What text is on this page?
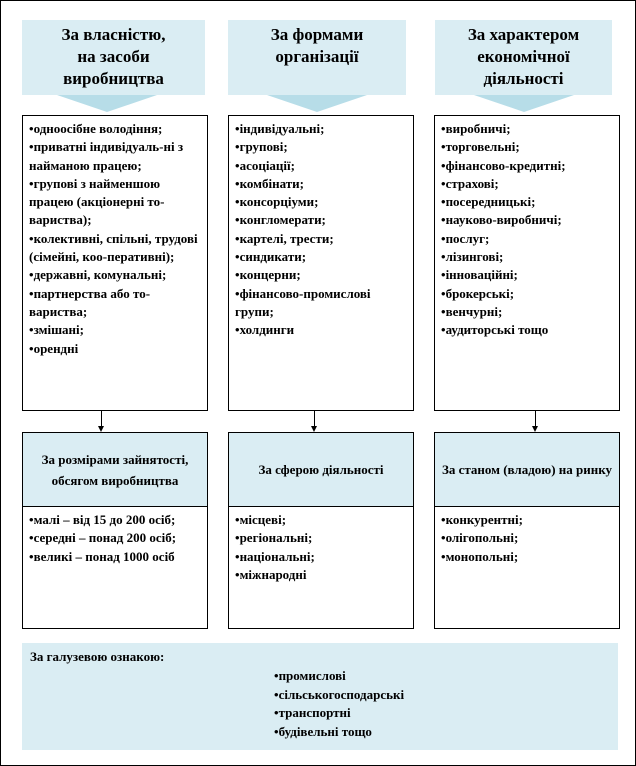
За власністю,
на засоби
виробництва
За формами
організації
За характером
економічної
діяльності
• одноосібне володіння;
• приватні індивідуаль-ні з найманою працею;
• групові з найменшою працею (акціонерні то-вариства);
• колективні, спільні, трудові (сімейні, коо-перативні);
• державні, комунальні;
• партнерства або то-вариства;
• змішані;
• орендні
• індивідуальні;
• групові;
• асоціації;
• комбінати;
• консорціуми;
• конгломерати;
• картелі, трести;
• синдикати;
• концерни;
• фінансово-промислові групи;
• холдинги
• виробничі;
• торговельні;
• фінансово-кредитні;
• страхові;
• посередницькі;
• науково-виробничі;
• послуг;
• лізингові;
• інноваційні;
• брокерські;
• венчурні;
• аудиторські тощо
За розмірами зайнятості, обсягом виробництва
• малі – від 15 до 200 осіб;
• середні – понад 200 осіб;
• великі – понад 1000 осіб
За сферою діяльності
• місцеві;
• регіональні;
• національні;
• міжнародні
За станом (владою) на ринку
• конкурентні;
• олігопольні;
• монопольні;
За галузевою ознакою:
• промислові
• сільськогосподарські
• транспортні
• будівельні тощо
